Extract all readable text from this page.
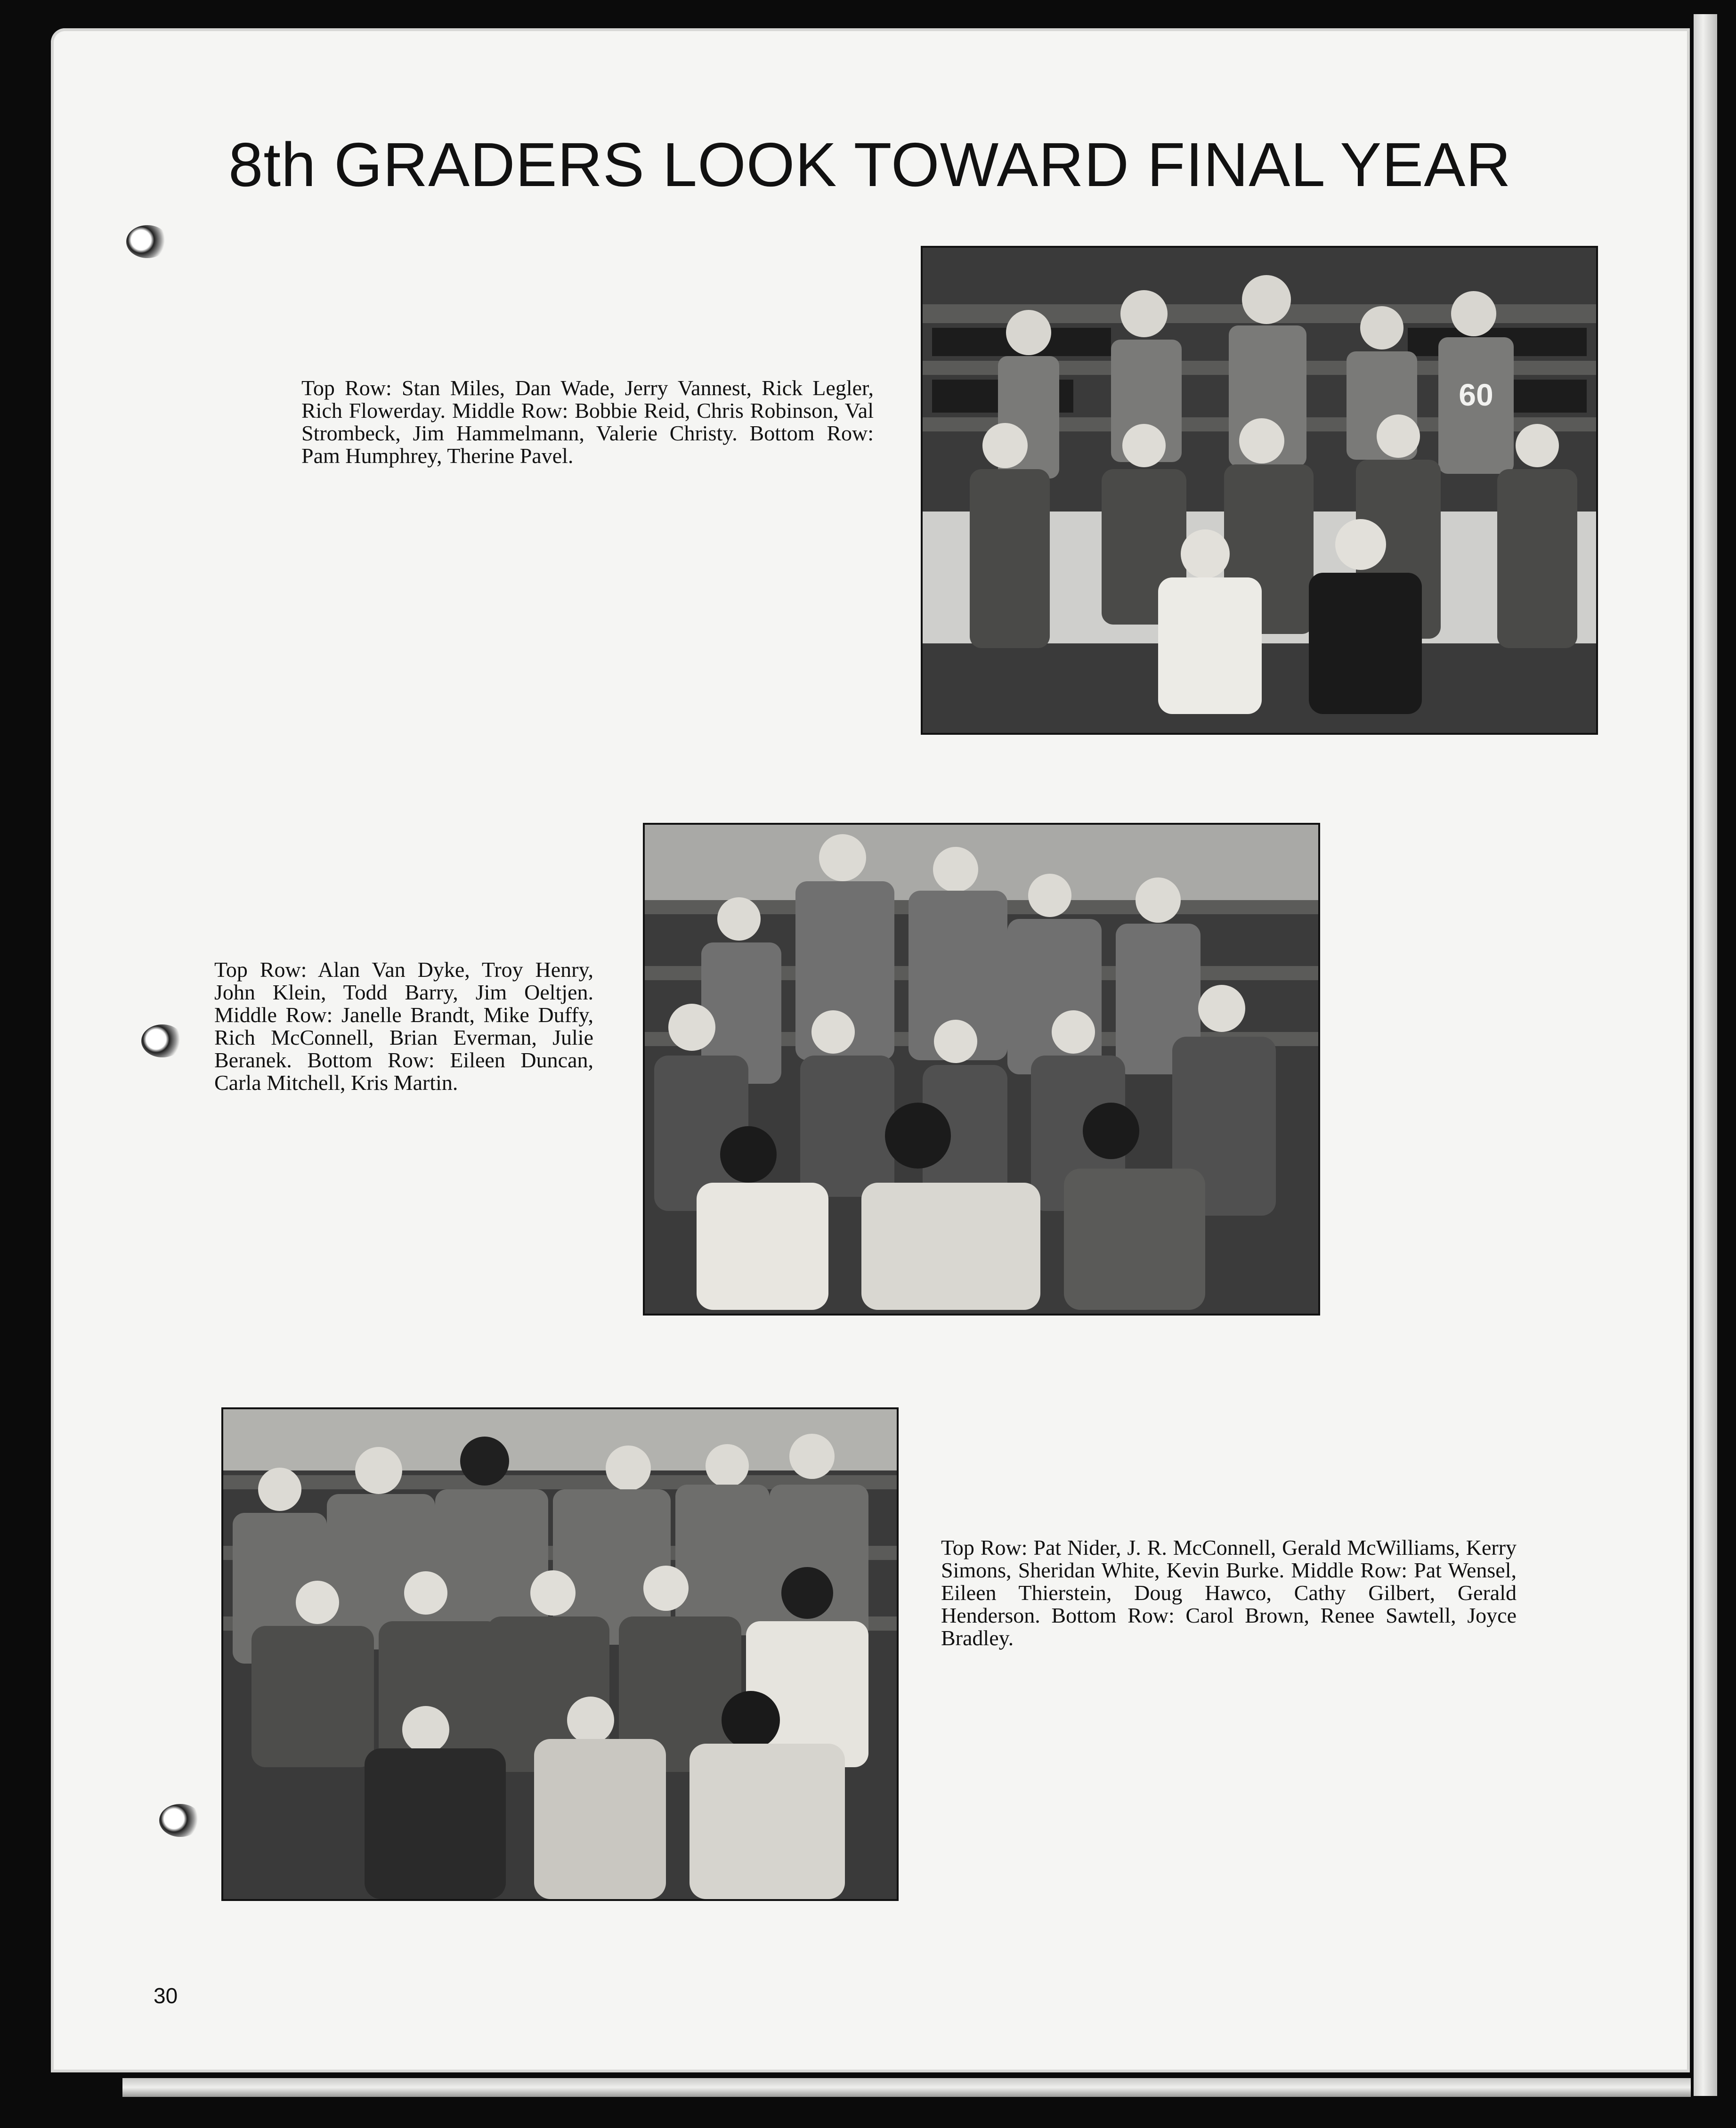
8th GRADERS LOOK TOWARD FINAL YEAR
Top Row: Stan Miles, Dan Wade, Jerry Vannest, Rick Legler, Rich Flowerday. Middle Row: Bobbie Reid, Chris Robinson, Val Strombeck, Jim Hammelmann, Valerie Christy. Bottom Row: Pam Humphrey, Therine Pavel.
60
Top Row: Alan Van Dyke, Troy Henry, John Klein, Todd Barry, Jim Oeltjen. Middle Row: Janelle Brandt, Mike Duffy, Rich McConnell, Brian Everman, Julie Beranek. Bottom Row: Eileen Duncan, Carla Mitchell, Kris Martin.
Top Row: Pat Nider, J. R. McConnell, Gerald McWilliams, Kerry Simons, Sheridan White, Kevin Burke. Middle Row: Pat Wensel, Eileen Thierstein, Doug Hawco, Cathy Gilbert, Gerald Henderson. Bottom Row: Carol Brown, Renee Sawtell, Joyce Bradley.
30
